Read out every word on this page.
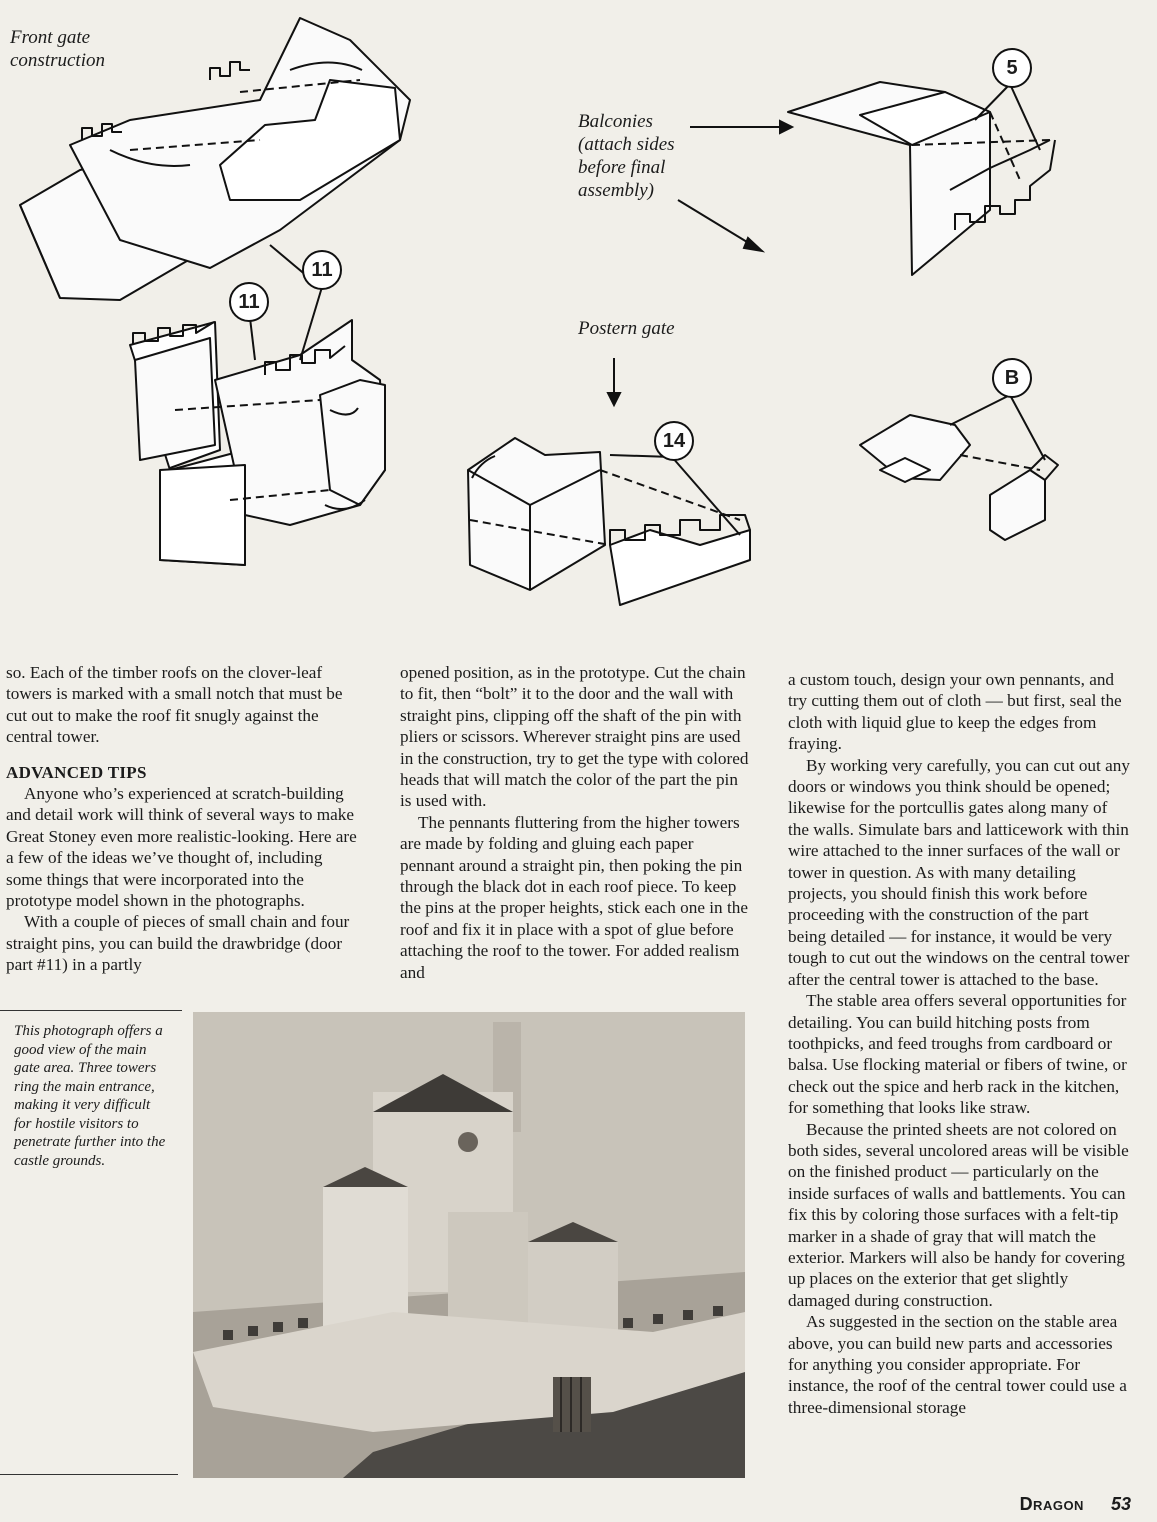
Front gate
construction
Balconies
(attach sides
before final
assembly)
Postern gate
11
11
5
14
B

so. Each of the timber roofs on the clover-leaf towers is marked with a small notch that must be cut out to make the roof fit snugly against the central tower.

ADVANCED TIPS

Anyone who’s experienced at scratch-building and detail work will think of several ways to make Great Stoney even more realistic-looking. Here are a few of the ideas we’ve thought of, including some things that were incorporated into the prototype model shown in the photographs.

With a couple of pieces of small chain and four straight pins, you can build the drawbridge (door part #11) in a partly

opened position, as in the prototype. Cut the chain to fit, then “bolt” it to the door and the wall with straight pins, clipping off the shaft of the pin with pliers or scissors. Wherever straight pins are used in the construction, try to get the type with colored heads that will match the color of the part the pin is used with.

The pennants fluttering from the higher towers are made by folding and gluing each paper pennant around a straight pin, then poking the pin through the black dot in each roof piece. To keep the pins at the proper heights, stick each one in the roof and fix it in place with a spot of glue before attaching the roof to the tower. For added realism and

a custom touch, design your own pennants, and try cutting them out of cloth — but first, seal the cloth with liquid glue to keep the edges from fraying.

By working very carefully, you can cut out any doors or windows you think should be opened; likewise for the portcullis gates along many of the walls. Simulate bars and latticework with thin wire attached to the inner surfaces of the wall or tower in question. As with many detailing projects, you should finish this work before proceeding with the construction of the part being detailed — for instance, it would be very tough to cut out the windows on the central tower after the central tower is attached to the base.

The stable area offers several opportunities for detailing. You can build hitching posts from toothpicks, and feed troughs from cardboard or balsa. Use flocking material or fibers of twine, or check out the spice and herb rack in the kitchen, for something that looks like straw.

Because the printed sheets are not colored on both sides, several uncolored areas will be visible on the finished product — particularly on the inside surfaces of walls and battlements. You can fix this by coloring those surfaces with a felt-tip marker in a shade of gray that will match the exterior. Markers will also be handy for covering up places on the exterior that get slightly damaged during construction.

As suggested in the section on the stable area above, you can build new parts and accessories for anything you consider appropriate. For instance, the roof of the central tower could use a three-dimensional storage

This photograph offers a good view of the main gate area. Three towers ring the main entrance, making it very difficult for hostile visitors to penetrate further into the castle grounds.
Dragon 53
